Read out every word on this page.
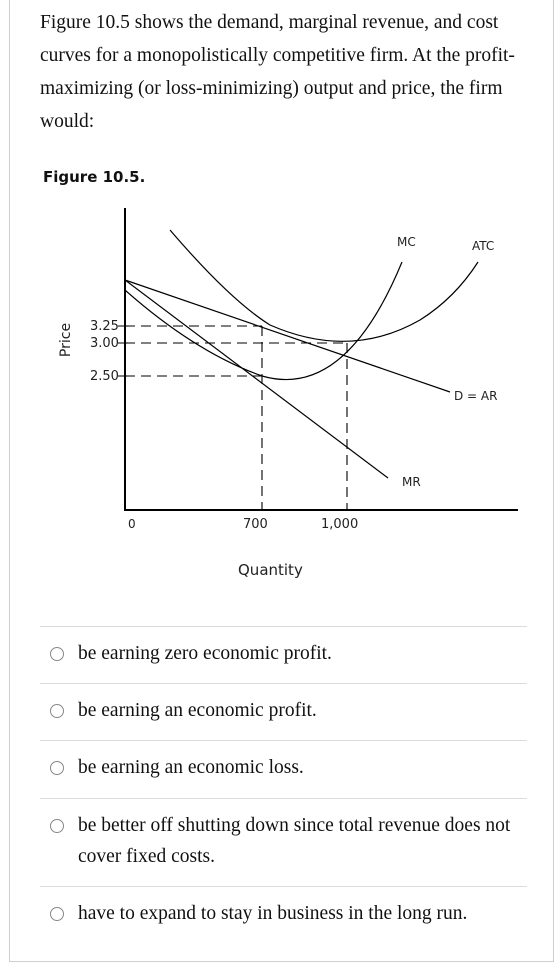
Figure 10.5 shows the demand, marginal revenue, and cost curves for a monopolistically competitive firm. At the profit-maximizing (or loss-minimizing) output and price, the firm would:

Figure 10.5.

Price 3.25
3.00
2.50
0	700	1,000
Quantity
MC	ATC
D = AR
MR
be earning zero economic profit.
be earning an economic profit.
be earning an economic loss.
be better off shutting down since total revenue does not cover fixed costs.
have to expand to stay in business in the long run.
